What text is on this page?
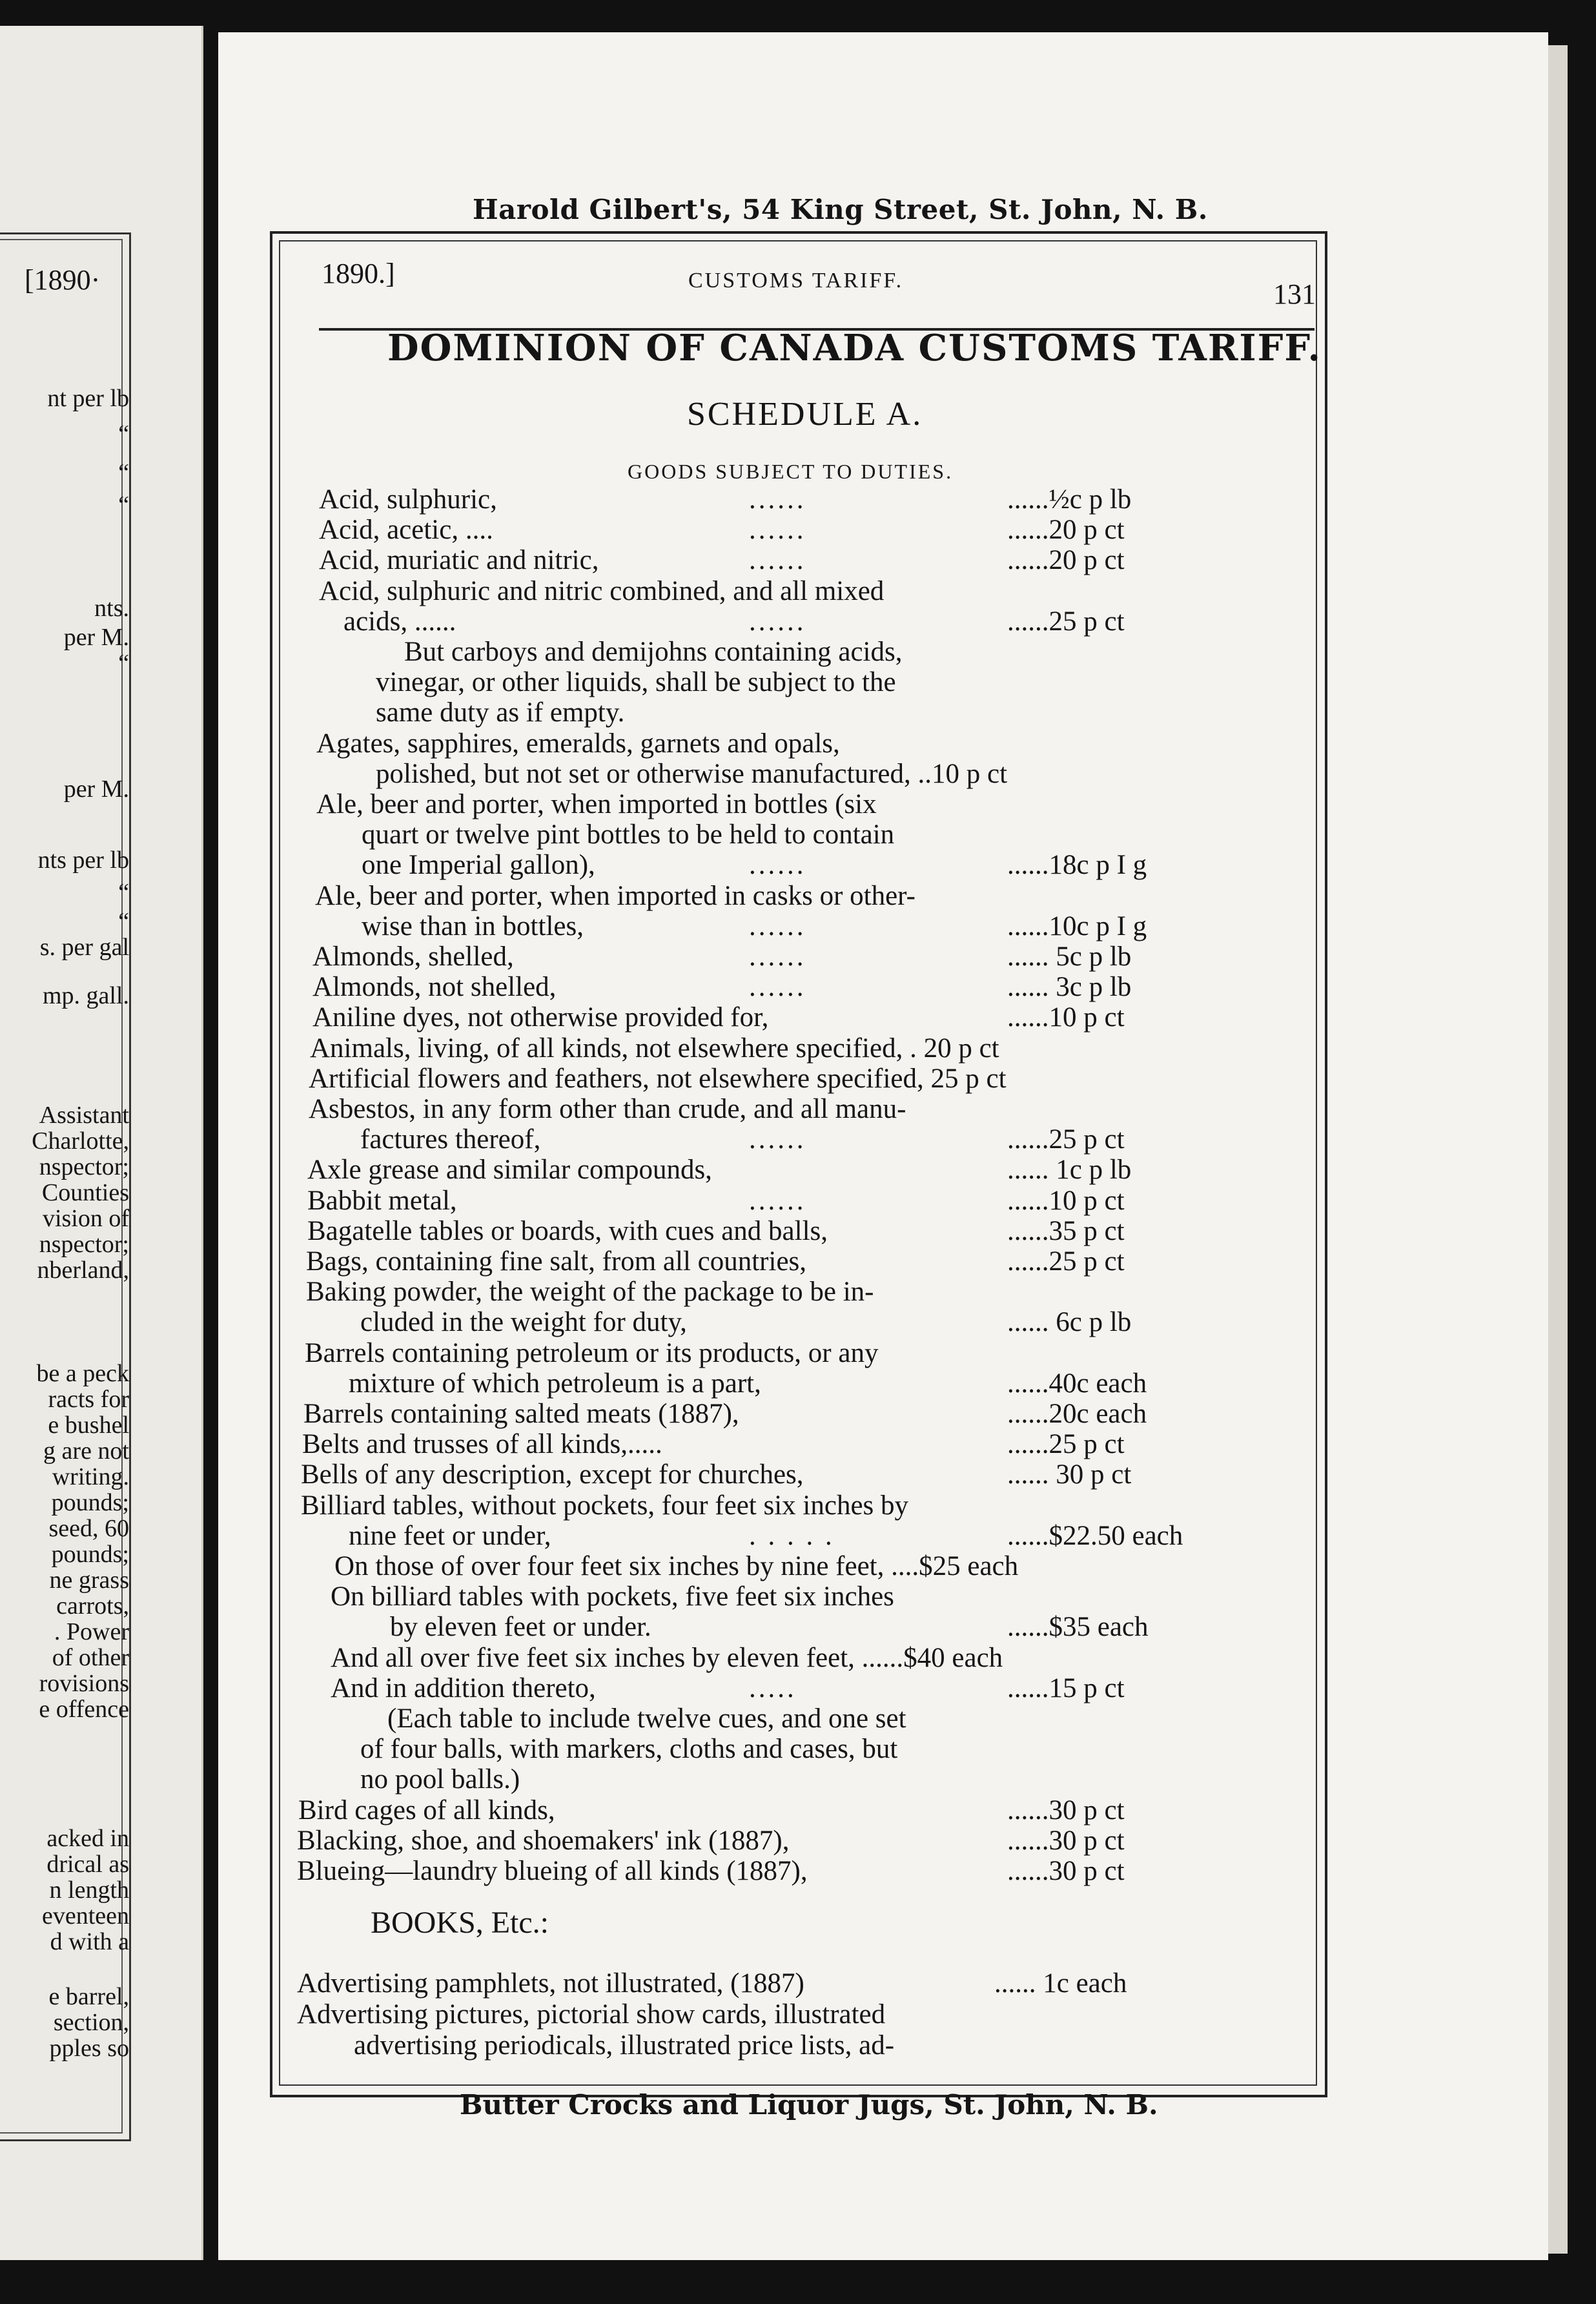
[1890·
nt per lb
“
“
“
nts.
per M.
“
per M.
nts per lb
“
“
s. per gal
mp. gall.
Assistant
Charlotte,
nspector;
Counties
vision of
nspector;
nberland,
be a peck
racts for
e bushel
g are not
writing.
pounds;
seed, 60
pounds;
ne grass
carrots,
. Power
of other
rovisions
e offence
acked in
drical as
n length
eventeen
d with a
e barrel,
section,
pples so
Harold Gilbert's, 54 King Street, St. John, N. B.
1890.]	CUSTOMS TARIFF.	131
DOMINION OF CANADA CUSTOMS TARIFF.
SCHEDULE A.
GOODS SUBJECT TO DUTIES.
Acid, sulphuric,	......	......½c p lb
Acid, acetic, ....	......	......20 p ct
Acid, muriatic and nitric,	......	......20 p ct
Acid, sulphuric and nitric combined, and all mixed
acids, ......	......	......25 p ct
But carboys and demijohns containing acids,
vinegar, or other liquids, shall be subject to the
same duty as if empty.
Agates, sapphires, emeralds, garnets and opals,
polished, but not set or otherwise manufactured, ..10 p ct
Ale, beer and porter, when imported in bottles (six
quart or twelve pint bottles to be held to contain
one Imperial gallon),	......	......18c p I g
Ale, beer and porter, when imported in casks or other-
wise than in bottles,	......	......10c p I g
Almonds, shelled,	......	...... 5c p lb
Almonds, not shelled,	......	...... 3c p lb
Aniline dyes, not otherwise provided for,	......10 p ct
Animals, living, of all kinds, not elsewhere specified, . 20 p ct
Artificial flowers and feathers, not elsewhere specified, 25 p ct
Asbestos, in any form other than crude, and all manu-
factures thereof,	......	......25 p ct
Axle grease and similar compounds,	...... 1c p lb
Babbit metal,	......	......10 p ct
Bagatelle tables or boards, with cues and balls,	......35 p ct
Bags, containing fine salt, from all countries,	......25 p ct
Baking powder, the weight of the package to be in-
cluded in the weight for duty,	...... 6c p lb
Barrels containing petroleum or its products, or any
mixture of which petroleum is a part,	......40c each
Barrels containing salted meats (1887),	......20c each
Belts and trusses of all kinds,.....	......25 p ct
Bells of any description, except for churches,	...... 30 p ct
Billiard tables, without pockets, four feet six inches by
nine feet or under,	. . . . .	......$22.50 each
On those of over four feet six inches by nine feet, ....$25 each
On billiard tables with pockets, five feet six inches
by eleven feet or under.	......$35 each
And all over five feet six inches by eleven feet, ......$40 each
And in addition thereto,	.....	......15 p ct
(Each table to include twelve cues, and one set
of four balls, with markers, cloths and cases, but
no pool balls.)
Bird cages of all kinds,	......30 p ct
Blacking, shoe, and shoemakers' ink (1887),	......30 p ct
Blueing—laundry blueing of all kinds (1887),	......30 p ct
BOOKS, Etc.:
Advertising pamphlets, not illustrated, (1887)	...... 1c each
Advertising pictures, pictorial show cards, illustrated
advertising periodicals, illustrated price lists, ad-
Butter Crocks and Liquor Jugs, St. John, N. B.
